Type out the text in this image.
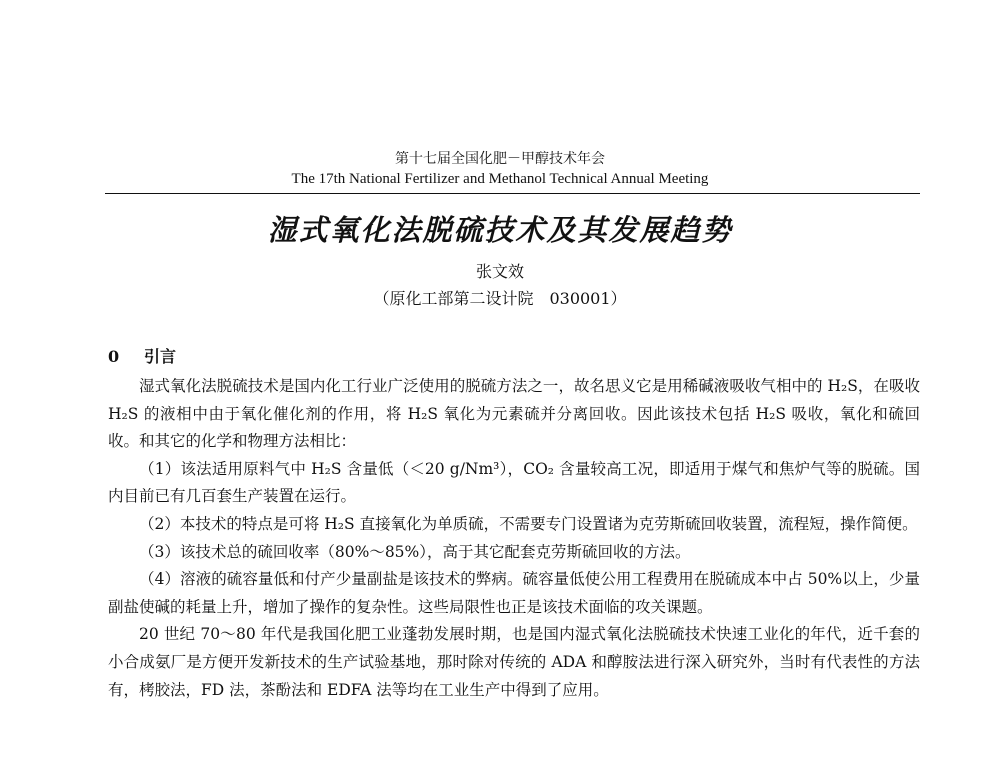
第十七届全国化肥－甲醇技术年会
The 17th National Fertilizer and Methanol Technical Annual Meeting
湿式氧化法脱硫技术及其发展趋势
张文效
（原化工部第二设计院　030001）
0 引言

湿式氧化法脱硫技术是国内化工行业广泛使用的脱硫方法之一，故名思义它是用稀碱液吸收气相中的 H₂S，在吸收 H₂S 的液相中由于氧化催化剂的作用，将 H₂S 氧化为元素硫并分离回收。因此该技术包括 H₂S 吸收，氧化和硫回收。和其它的化学和物理方法相比：

（1）该法适用原料气中 H₂S 含量低（＜20 g/Nm³），CO₂ 含量较高工况，即适用于煤气和焦炉气等的脱硫。国内目前已有几百套生产装置在运行。

（2）本技术的特点是可将 H₂S 直接氧化为单质硫，不需要专门设置诸为克劳斯硫回收装置，流程短，操作简便。

（3）该技术总的硫回收率（80%～85%），高于其它配套克劳斯硫回收的方法。

（4）溶液的硫容量低和付产少量副盐是该技术的弊病。硫容量低使公用工程费用在脱硫成本中占 50%以上，少量副盐使碱的耗量上升，增加了操作的复杂性。这些局限性也正是该技术面临的攻关课题。

20 世纪 70～80 年代是我国化肥工业蓬勃发展时期，也是国内湿式氧化法脱硫技术快速工业化的年代，近千套的小合成氨厂是方便开发新技术的生产试验基地，那时除对传统的 ADA 和醇胺法进行深入研究外，当时有代表性的方法有，栲胶法，FD 法，茶酚法和 EDFA 法等均在工业生产中得到了应用。
